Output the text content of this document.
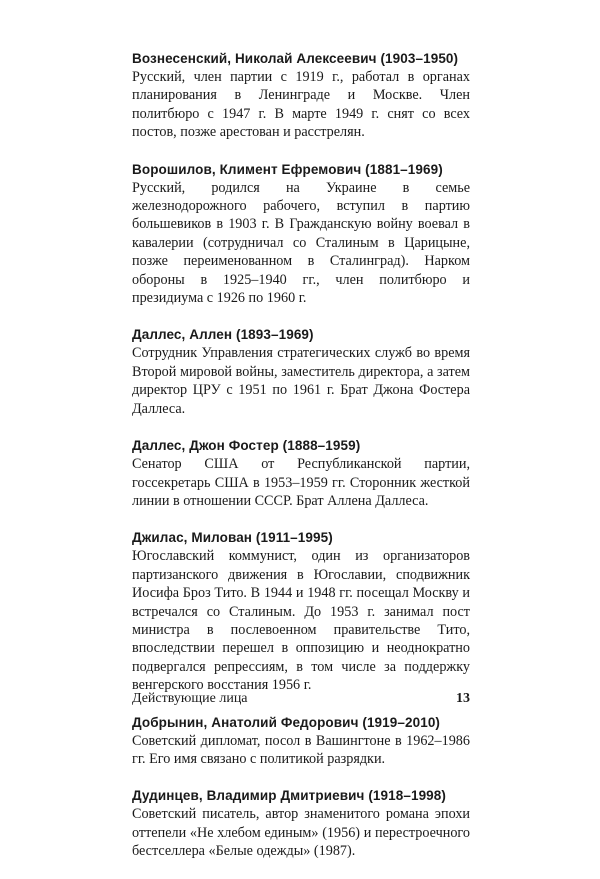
Вознесенский, Николай Алексеевич (1903–1950)
Русский, член партии с 1919 г., работал в органах планирования в Ленинграде и Москве. Член политбюро с 1947 г. В марте 1949 г. снят со всех постов, позже арестован и расстрелян.
Ворошилов, Климент Ефремович (1881–1969)
Русский, родился на Украине в семье железнодорожного рабочего, вступил в партию большевиков в 1903 г. В Гражданскую войну воевал в кавалерии (сотрудничал со Сталиным в Царицыне, позже переименованном в Сталинград). Нарком обороны в 1925–1940 гг., член политбюро и президиума с 1926 по 1960 г.
Даллес, Аллен (1893–1969)
Сотрудник Управления стратегических служб во время Второй мировой войны, заместитель директора, а затем директор ЦРУ с 1951 по 1961 г. Брат Джона Фостера Даллеса.
Даллес, Джон Фостер (1888–1959)
Сенатор США от Республиканской партии, госсекретарь США в 1953–1959 гг. Сторонник жесткой линии в отношении СССР. Брат Аллена Даллеса.
Джилас, Милован (1911–1995)
Югославский коммунист, один из организаторов партизанского движения в Югославии, сподвижник Иосифа Броз Тито. В 1944 и 1948 гг. посещал Москву и встречался со Сталиным. До 1953 г. занимал пост министра в послевоенном правительстве Тито, впоследствии перешел в оппозицию и неоднократно подвергался репрессиям, в том числе за поддержку венгерского восстания 1956 г.
Добрынин, Анатолий Федорович (1919–2010)
Советский дипломат, посол в Вашингтоне в 1962–1986 гг. Его имя связано с политикой разрядки.
Дудинцев, Владимир Дмитриевич (1918–1998)
Советский писатель, автор знаменитого романа эпохи оттепели «Не хлебом единым» (1956) и перестроечного бестселлера «Белые одежды» (1987).
Действующие лица	13
